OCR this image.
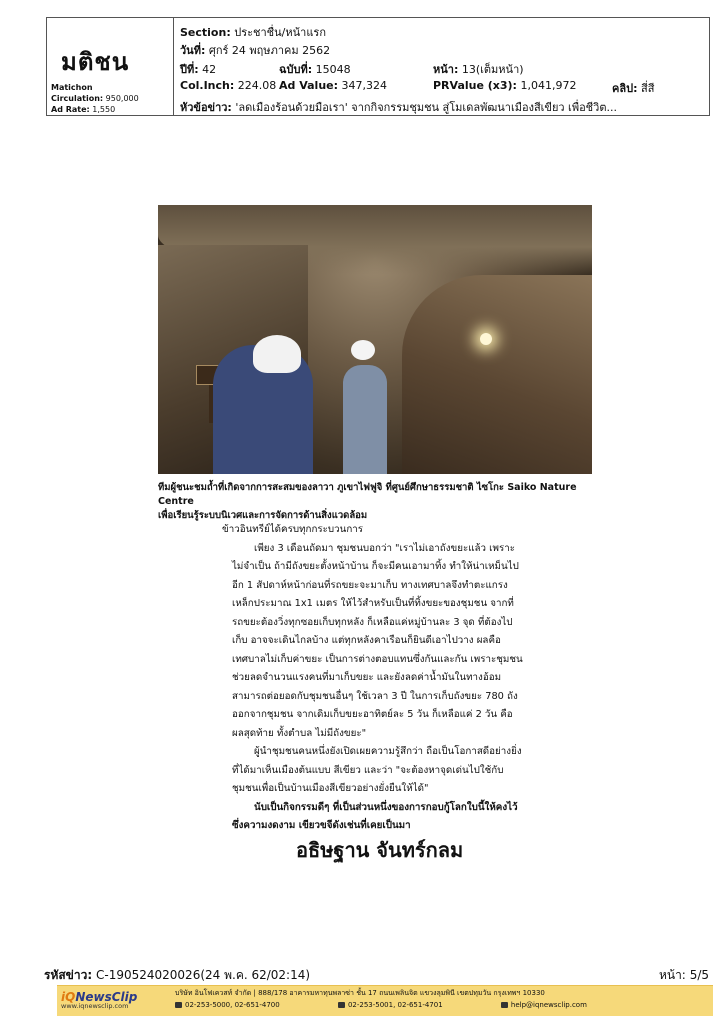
มติชน
Matichon
Circulation: 950,000
Ad Rate: 1,550
Section: ประชาชื่น/หน้าแรก
วันที่: ศุกร์ 24 พฤษภาคม 2562
ปีที่: 42	ฉบับที่: 15048	หน้า: 13(เต็มหน้า)
Col.Inch: 224.08 Ad Value: 347,324	PRValue (x3): 1,041,972	คลิป: สี่สี
หัวข้อข่าว: 'ลดเมืองร้อนด้วยมือเรา' จากกิจกรรมชุมชน สู่โมเดลพัฒนาเมืองสีเขียว เพื่อชีวิต...
ทีมผู้ชนะชมถ้ำที่เกิดจากการสะสมของลาวา ภูเขาไฟฟูจิ ที่ศูนย์ศึกษาธรรมชาติ ไซโกะ Saiko Nature Centre
เพื่อเรียนรู้ระบบนิเวศและการจัดการด้านสิ่งแวดล้อม

ข้าวอินทรีย์ได้ครบทุกกระบวนการ

เพียง 3 เดือนถัดมา ชุมชนบอกว่า "เราไม่เอาถังขยะแล้ว เพราะไม่จำเป็น ถ้ามีถังขยะตั้งหน้าบ้าน ก็จะมีคนเอามาทิ้ง ทำให้น่าเหม็นไปอีก 1 สัปดาห์หน้าก่อนที่รถขยะจะมาเก็บ ทางเทศบาลจึงทำตะแกรงเหล็กประมาณ 1x1 เมตร ให้ไว้สำหรับเป็นที่ทิ้งขยะของชุมชน จากที่รถขยะต้องวิ่งทุกซอยเก็บทุกหลัง ก็เหลือแค่หมู่บ้านละ 3 จุด ที่ต้องไปเก็บ อาจจะเดินไกลบ้าง แต่ทุกหลังคาเรือนก็ยินดีเอาไปวาง ผลคือเทศบาลไม่เก็บค่าขยะ เป็นการต่างตอบแทนซึ่งกันและกัน เพราะชุมชนช่วยลดจำนวนแรงคนที่มาเก็บขยะ และยังลดค่าน้ำมันในทางอ้อม สามารถต่อยอดกับชุมชนอื่นๆ ใช้เวลา 3 ปี ในการเก็บถังขยะ 780 ถัง ออกจากชุมชน จากเดิมเก็บขยะอาทิตย์ละ 5 วัน ก็เหลือแค่ 2 วัน คือ ผลสุดท้าย ทั้งตำบล ไม่มีถังขยะ"

ผู้นำชุมชนคนหนึ่งยังเปิดเผยความรู้สึกว่า ถือเป็นโอกาสดีอย่างยิ่งที่ได้มาเห็นเมืองต้นแบบ สีเขียว และว่า "จะต้องหาจุดเด่นไปใช้กับชุมชนเพื่อเป็นบ้านเมืองสีเขียวอย่างยั่งยืนให้ได้"

นับเป็นกิจกรรมดีๆ ที่เป็นส่วนหนึ่งของการกอบกู้โลกใบนี้ให้คงไว้ซึ่งความงดงาม เขียวขจีดังเช่นที่เคยเป็นมา

อธิษฐาน จันทร์กลม
รหัสข่าว: C-190524020026(24 พ.ค. 62/02:14)	หน้า: 5/5
iQNewsClip
www.iqnewsclip.com
บริษัท อินโฟเควสท์ จำกัด | 888/178 อาคารมหาทุนพลาซ่า ชั้น 17 ถนนเพลินจิต แขวงลุมพินี เขตปทุมวัน กรุงเทพฯ 10330
02-253-5000, 02-651-4700	02-253-5001, 02-651-4701	help@iqnewsclip.com
